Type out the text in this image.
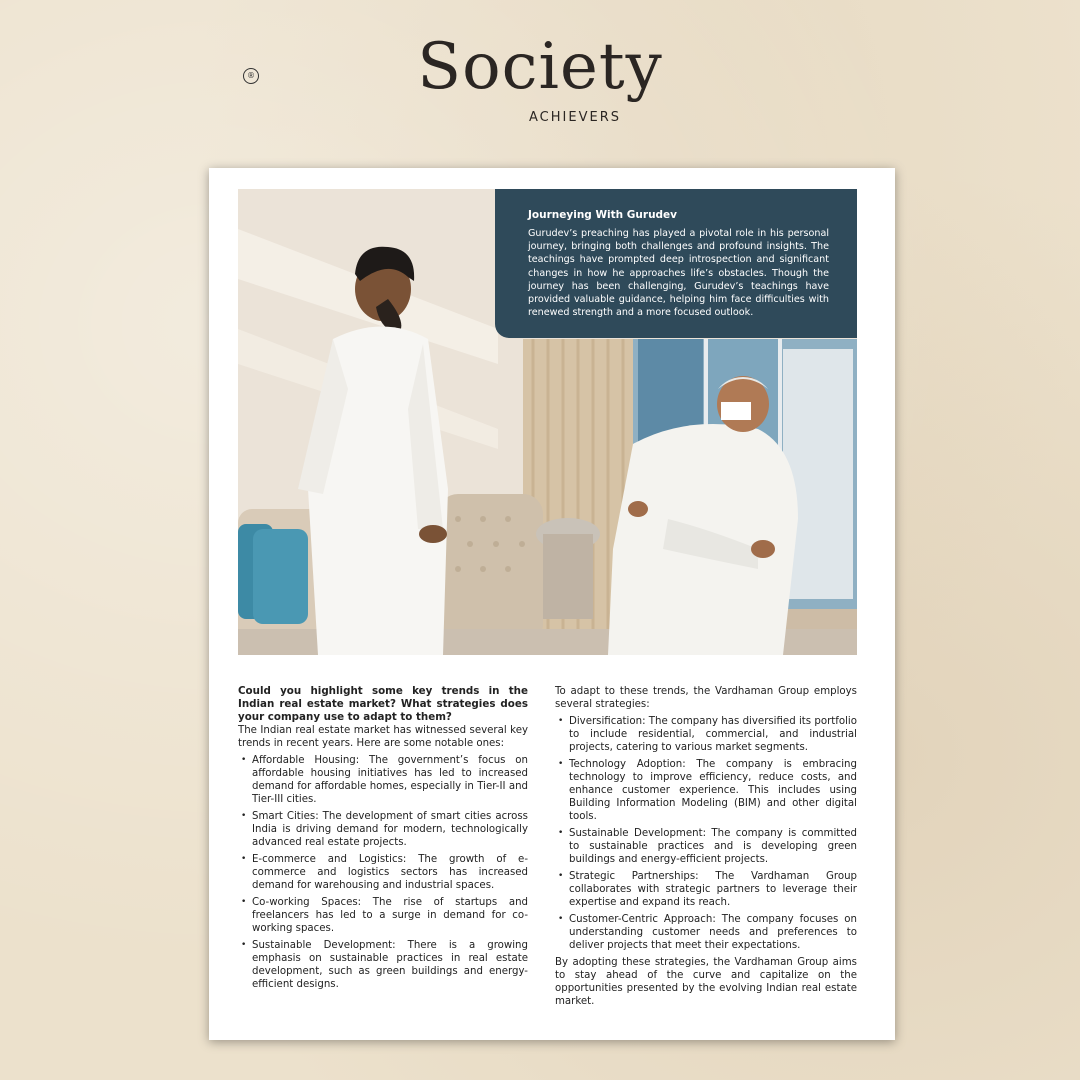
®	Society
ACHIEVERS
Journeying With Gurudev

Gurudev’s preaching has played a pivotal role in his personal journey, bringing both challenges and profound insights. The teachings have prompted deep introspection and significant changes in how he approaches life’s obstacles. Though the journey has been challenging, Gurudev’s teachings have provided valuable guidance, helping him face difficulties with renewed strength and a more focused outlook.

Could you highlight some key trends in the Indian real estate market? What strategies does your company use to adapt to them?

The Indian real estate market has witnessed several key trends in recent years. Here are some notable ones:

• Affordable Housing: The government’s focus on affordable housing initiatives has led to increased demand for affordable homes, especially in Tier-II and Tier-III cities.
• Smart Cities: The development of smart cities across India is driving demand for modern, technologically advanced real estate projects.
• E-commerce and Logistics: The growth of e-commerce and logistics sectors has increased demand for warehousing and industrial spaces.
• Co-working Spaces: The rise of startups and freelancers has led to a surge in demand for co-working spaces.
• Sustainable Development: There is a growing emphasis on sustainable practices in real estate development, such as green buildings and energy-efficient designs.

To adapt to these trends, the Vardhaman Group employs several strategies:

• Diversification: The company has diversified its portfolio to include residential, commercial, and industrial projects, catering to various market segments.
• Technology Adoption: The company is embracing technology to improve efficiency, reduce costs, and enhance customer experience. This includes using Building Information Modeling (BIM) and other digital tools.
• Sustainable Development: The company is committed to sustainable practices and is developing green buildings and energy-efficient projects.
• Strategic Partnerships: The Vardhaman Group collaborates with strategic partners to leverage their expertise and expand its reach.
• Customer-Centric Approach: The company focuses on understanding customer needs and preferences to deliver projects that meet their expectations.

By adopting these strategies, the Vardhaman Group aims to stay ahead of the curve and capitalize on the opportunities presented by the evolving Indian real estate market.
